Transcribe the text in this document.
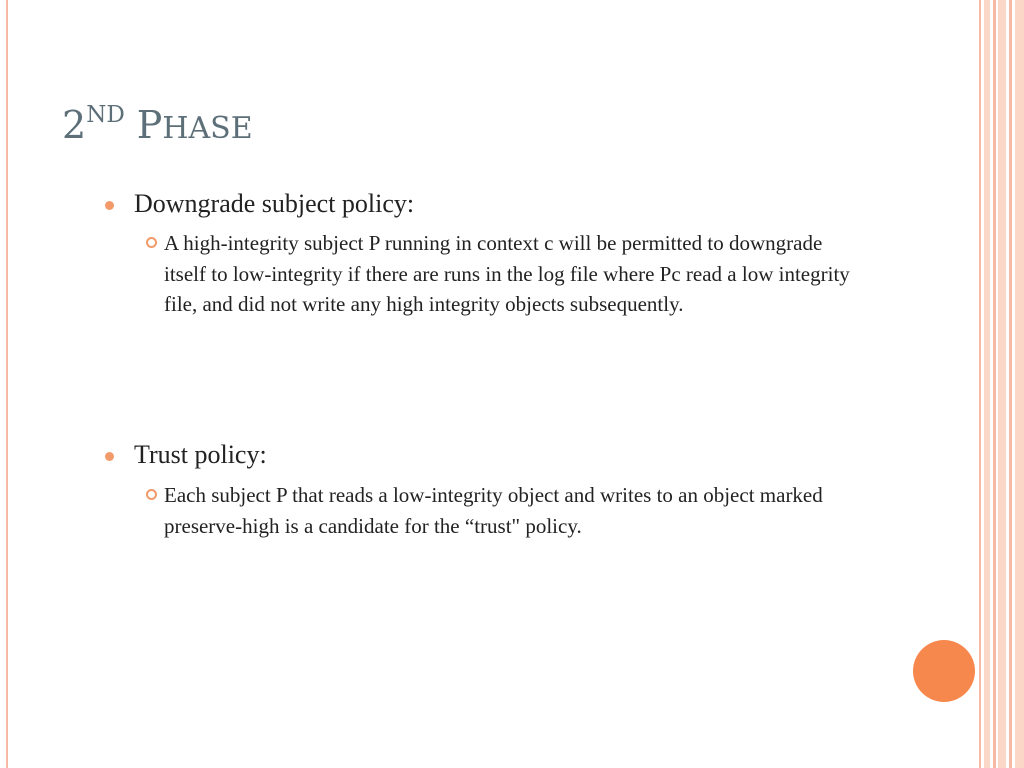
2ND PHASE
Downgrade subject policy:
A high-integrity subject P running in context c will be permitted to downgrade itself to low-integrity if there are runs in the log file where Pc read a low integrity file, and did not write any high integrity objects subsequently.
Trust policy:
Each subject P that reads a low-integrity object and writes to an object marked preserve-high is a candidate for the “trust" policy.
